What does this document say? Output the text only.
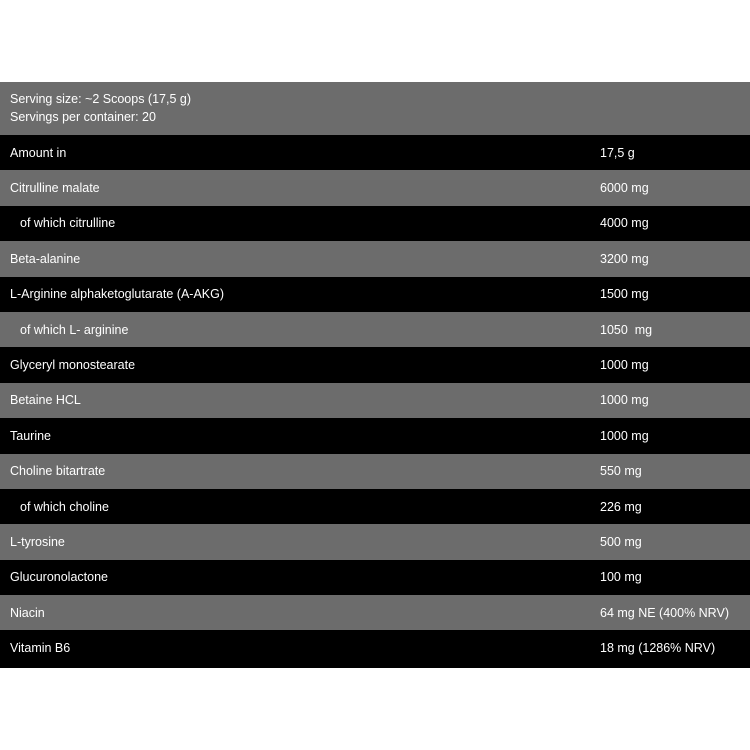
Serving size: ~2 Scoops (17,5 g)
Servings per container: 20
Amount in	17,5 g
Citrulline malate	6000 mg
of which citrulline	4000 mg
Beta-alanine	3200 mg
L-Arginine alphaketoglutarate (A-AKG)	1500 mg
of which L- arginine	1050  mg
Glyceryl monostearate	1000 mg
Betaine HCL	1000 mg
Taurine	1000 mg
Choline bitartrate	550 mg
of which choline	226 mg
L-tyrosine	500 mg
Glucuronolactone	100 mg
Niacin	64 mg NE (400% NRV)
Vitamin B6	18 mg (1286% NRV)
